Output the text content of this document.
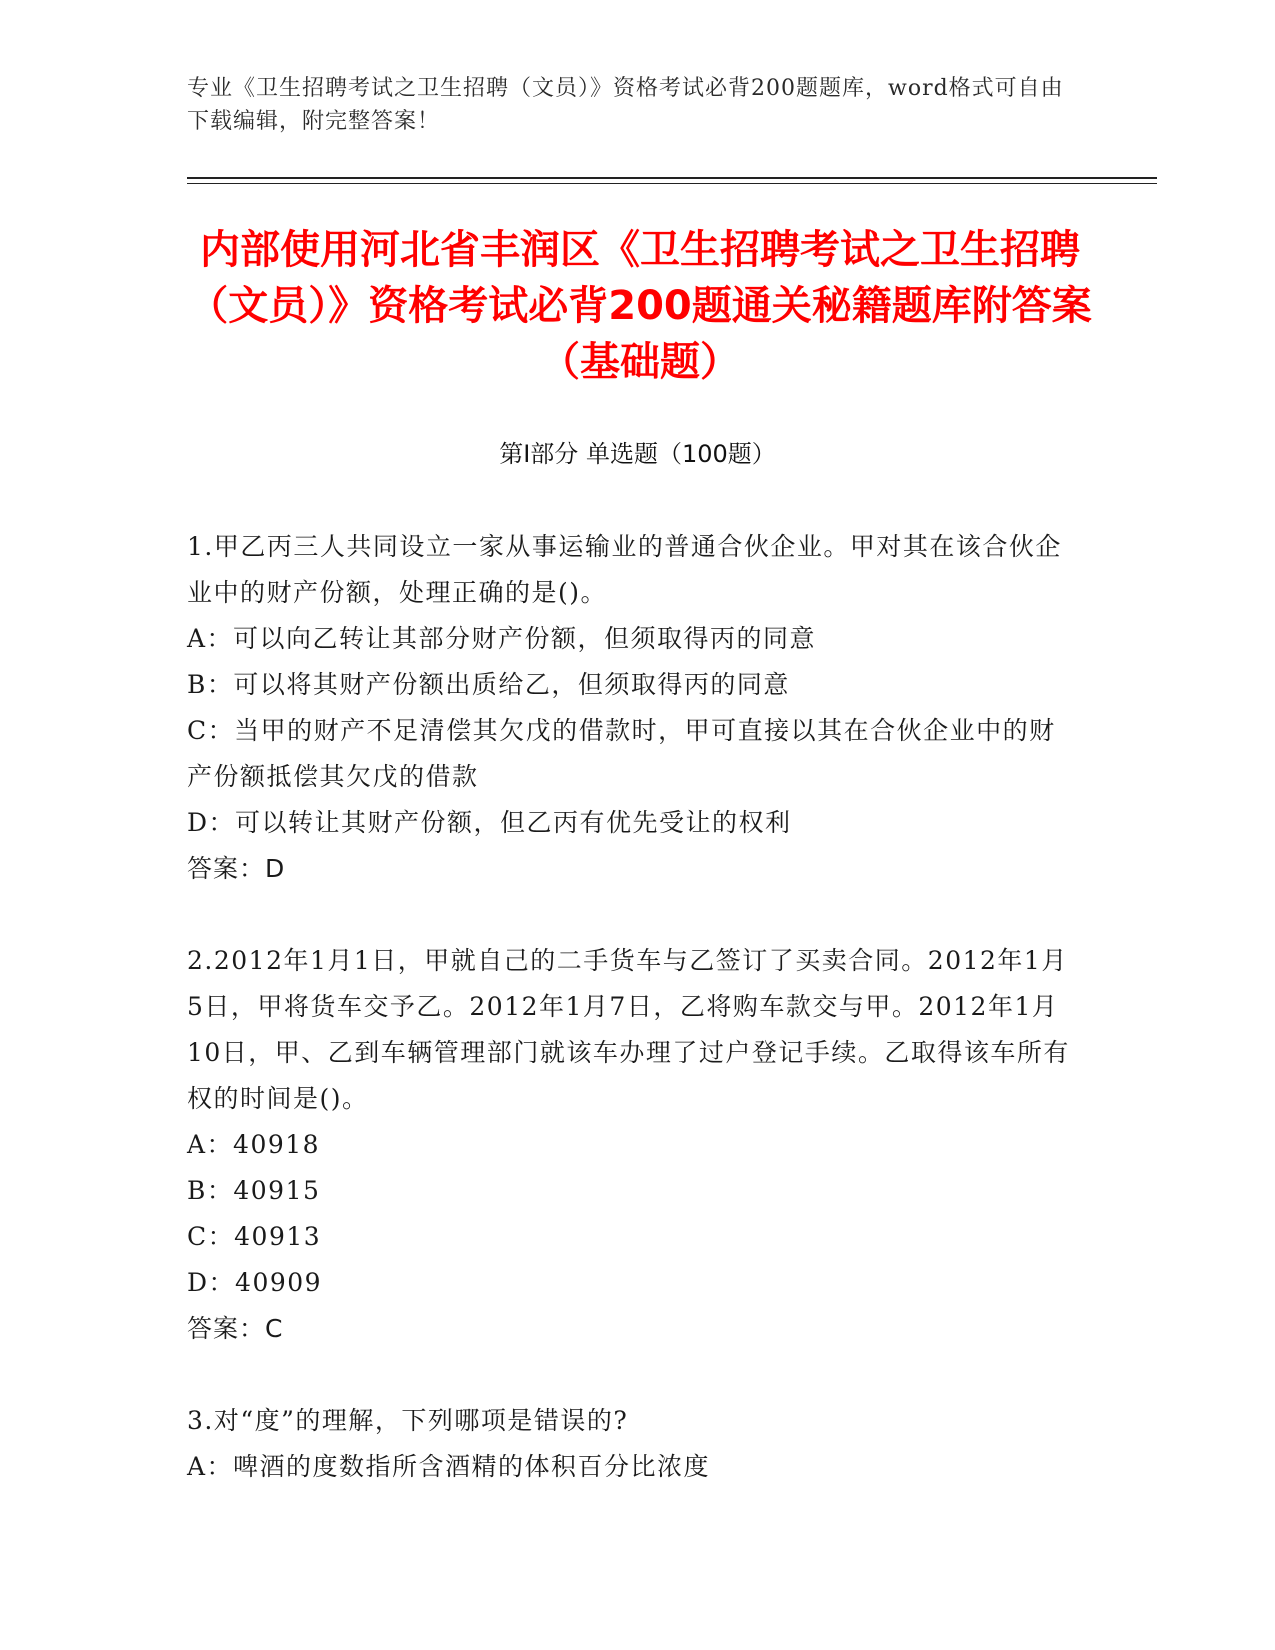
专业《卫生招聘考试之卫生招聘（文员）》资格考试必背200题题库，word格式可自由下载编辑，附完整答案！
内部使用河北省丰润区《卫生招聘考试之卫生招聘（文员）》资格考试必背200题通关秘籍题库附答案（基础题）
第Ⅰ部分 单选题（100题）

1.甲乙丙三人共同设立一家从事运输业的普通合伙企业。甲对其在该合伙企业中的财产份额，处理正确的是()。

A：可以向乙转让其部分财产份额，但须取得丙的同意

B：可以将其财产份额出质给乙，但须取得丙的同意

C：当甲的财产不足清偿其欠戊的借款时，甲可直接以其在合伙企业中的财产份额抵偿其欠戊的借款

D：可以转让其财产份额，但乙丙有优先受让的权利

答案：D

2.2012年1月1日，甲就自己的二手货车与乙签订了买卖合同。2012年1月5日，甲将货车交予乙。2012年1月7日，乙将购车款交与甲。2012年1月10日，甲、乙到车辆管理部门就该车办理了过户登记手续。乙取得该车所有权的时间是()。

A：40918

B：40915

C：40913

D：40909

答案：C

3.对“度”的理解，下列哪项是错误的?

A：啤酒的度数指所含酒精的体积百分比浓度
